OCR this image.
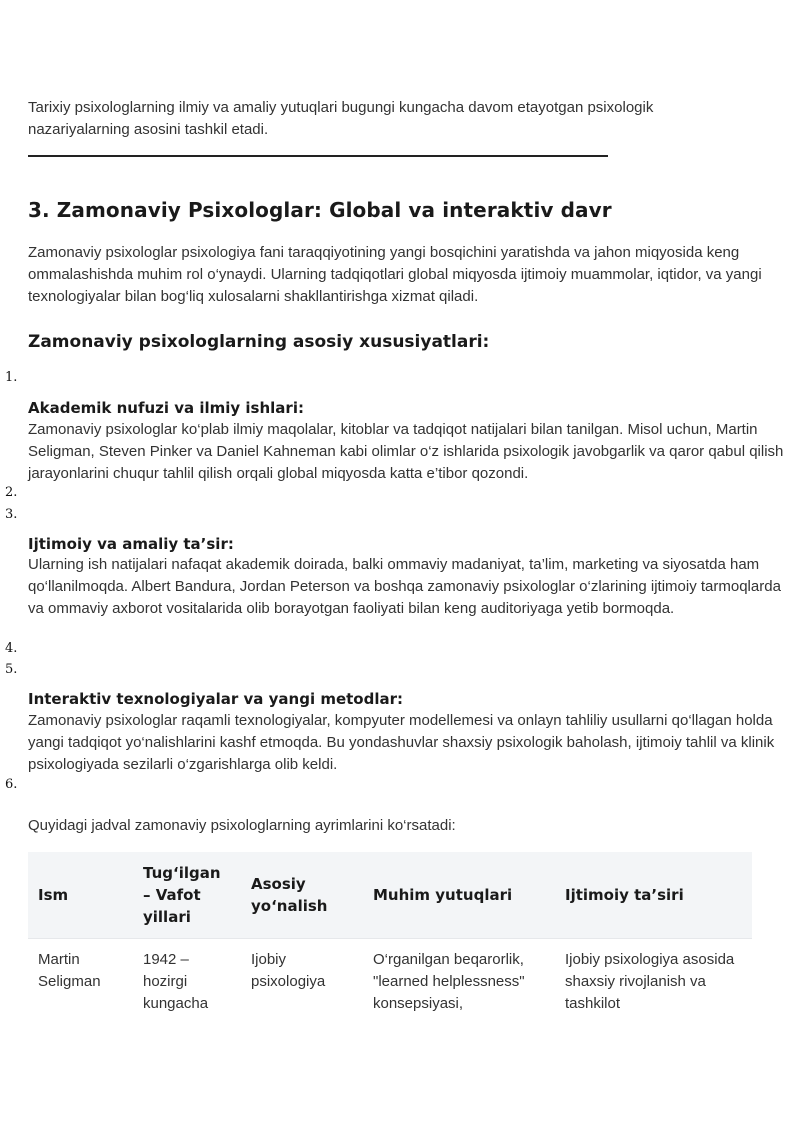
Tarixiy psixologlarning ilmiy va amaliy yutuqlari bugungi kungacha davom etayotgan psixologik nazariyalarning asosini tashkil etadi.
3. Zamonaviy Psixologlar: Global va interaktiv davr
Zamonaviy psixologlar psixologiya fani taraqqiyotining yangi bosqichini yaratishda va jahon miqyosida keng ommalashishda muhim rol o‘ynaydi. Ularning tadqiqotlari global miqyosda ijtimoiy muammolar, iqtidor, va yangi texnologiyalar bilan bog‘liq xulosalarni shakllantirishga xizmat qiladi.
Zamonaviy psixologlarning asosiy xususiyatlari:
1.
Akademik nufuzi va ilmiy ishlari:
Zamonaviy psixologlar ko‘plab ilmiy maqolalar, kitoblar va tadqiqot natijalari bilan tanilgan. Misol uchun, Martin Seligman, Steven Pinker va Daniel Kahneman kabi olimlar o‘z ishlarida psixologik javobgarlik va qaror qabul qilish jarayonlarini chuqur tahlil qilish orqali global miqyosda katta e’tibor qozondi.
2.
3.
Ijtimoiy va amaliy ta’sir:
Ularning ish natijalari nafaqat akademik doirada, balki ommaviy madaniyat, ta’lim, marketing va siyosatda ham qo‘llanilmoqda. Albert Bandura, Jordan Peterson va boshqa zamonaviy psixologlar o‘zlarining ijtimoiy tarmoqlarda va ommaviy axborot vositalarida olib borayotgan faoliyati bilan keng auditoriyaga yetib bormoqda.
4.
5.
Interaktiv texnologiyalar va yangi metodlar:
Zamonaviy psixologlar raqamli texnologiyalar, kompyuter modellemesi va onlayn tahliliy usullarni qo‘llagan holda yangi tadqiqot yo‘nalishlarini kashf etmoqda. Bu yondashuvlar shaxsiy psixologik baholash, ijtimoiy tahlil va klinik psixologiyada sezilarli o‘zgarishlarga olib keldi.
6.
Quyidagi jadval zamonaviy psixologlarning ayrimlarini ko‘rsatadi:
Ism	Tug‘ilgan – Vafot yillari	Asosiy yo‘nalish	Muhim yutuqlari	Ijtimoiy ta’siri
Martin Seligman	1942 – hozirgi kungacha	Ijobiy psixologiya	O‘rganilgan beqarorlik, "learned helplessness" konsepsiyasi,	Ijobiy psixologiya asosida shaxsiy rivojlanish va tashkilot
